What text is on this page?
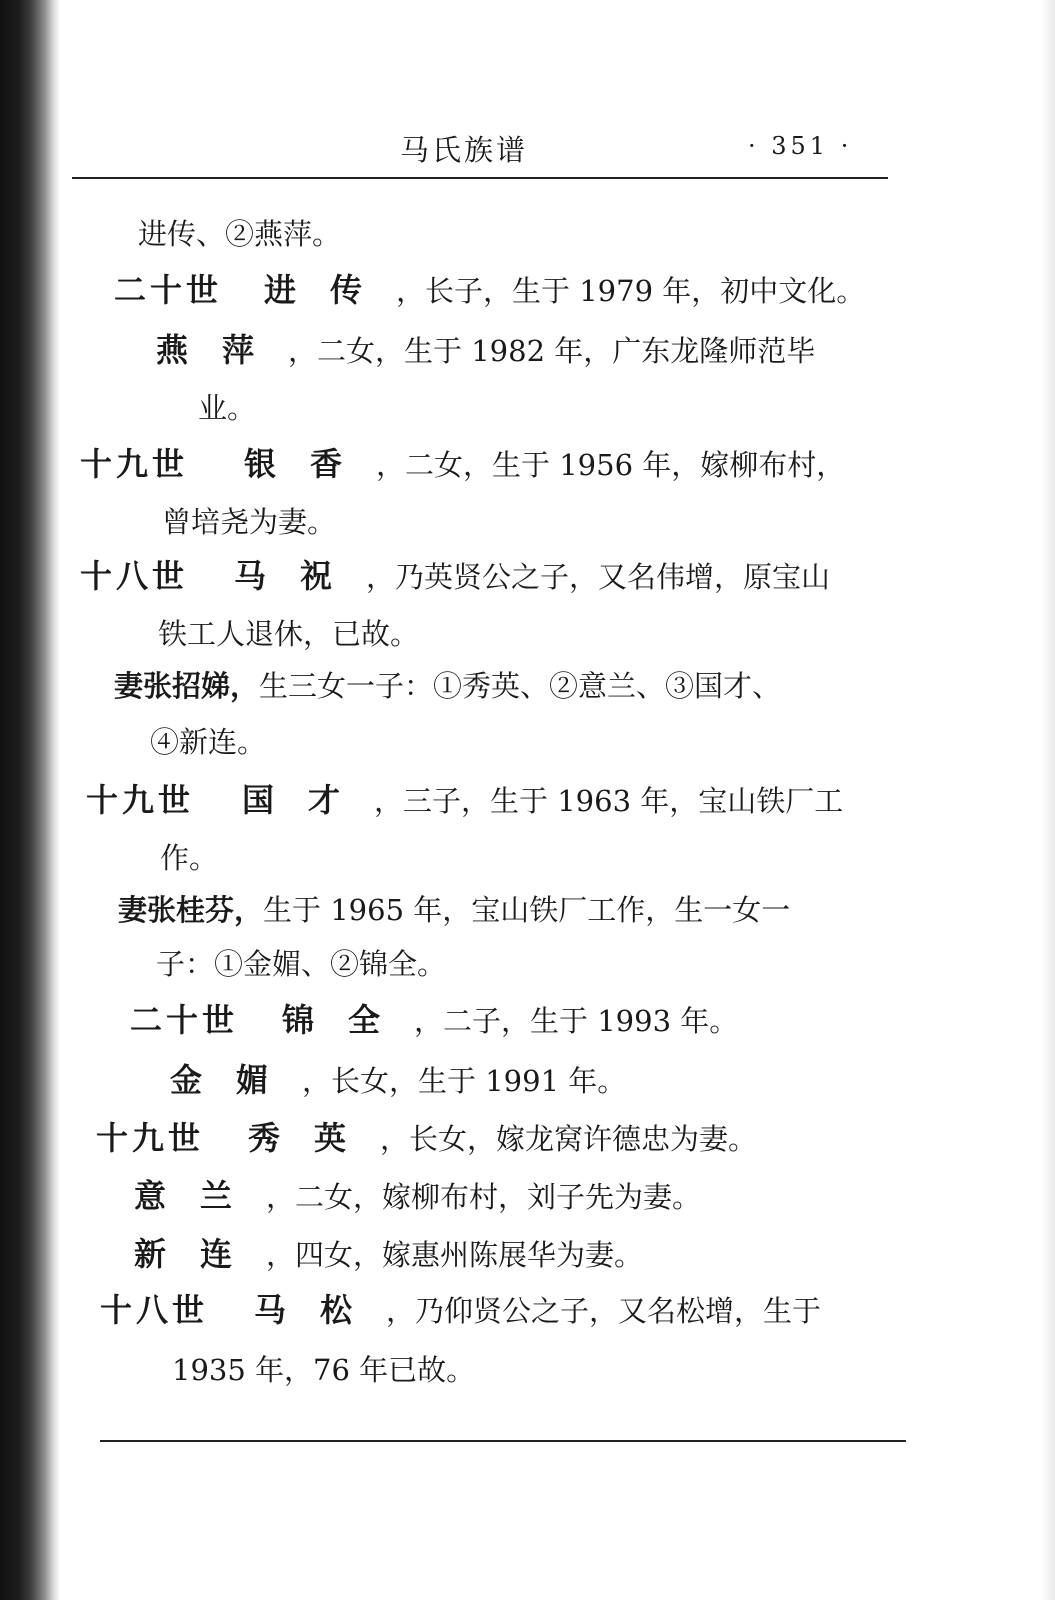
马氏族谱	· 351 ·
进传、②燕萍。
二十世 进传，长子，生于 1979 年，初中文化。
燕萍，二女，生于 1982 年，广东龙隆师范毕
业。
十九世 银香，二女，生于 1956 年，嫁柳布村，
曾培尧为妻。
十八世 马祝，乃英贤公之子，又名伟增，原宝山
铁工人退休，已故。
妻张招娣，生三女一子：①秀英、②意兰、③国才、
④新连。
十九世 国才，三子，生于 1963 年，宝山铁厂工
作。
妻张桂芬，生于 1965 年，宝山铁厂工作，生一女一
子：①金媚、②锦全。
二十世 锦全，二子，生于 1993 年。
金媚，长女，生于 1991 年。
十九世 秀英，长女，嫁龙窝许德忠为妻。
意兰，二女，嫁柳布村，刘子先为妻。
新连，四女，嫁惠州陈展华为妻。
十八世 马松，乃仰贤公之子，又名松增，生于
1935 年，76 年已故。
